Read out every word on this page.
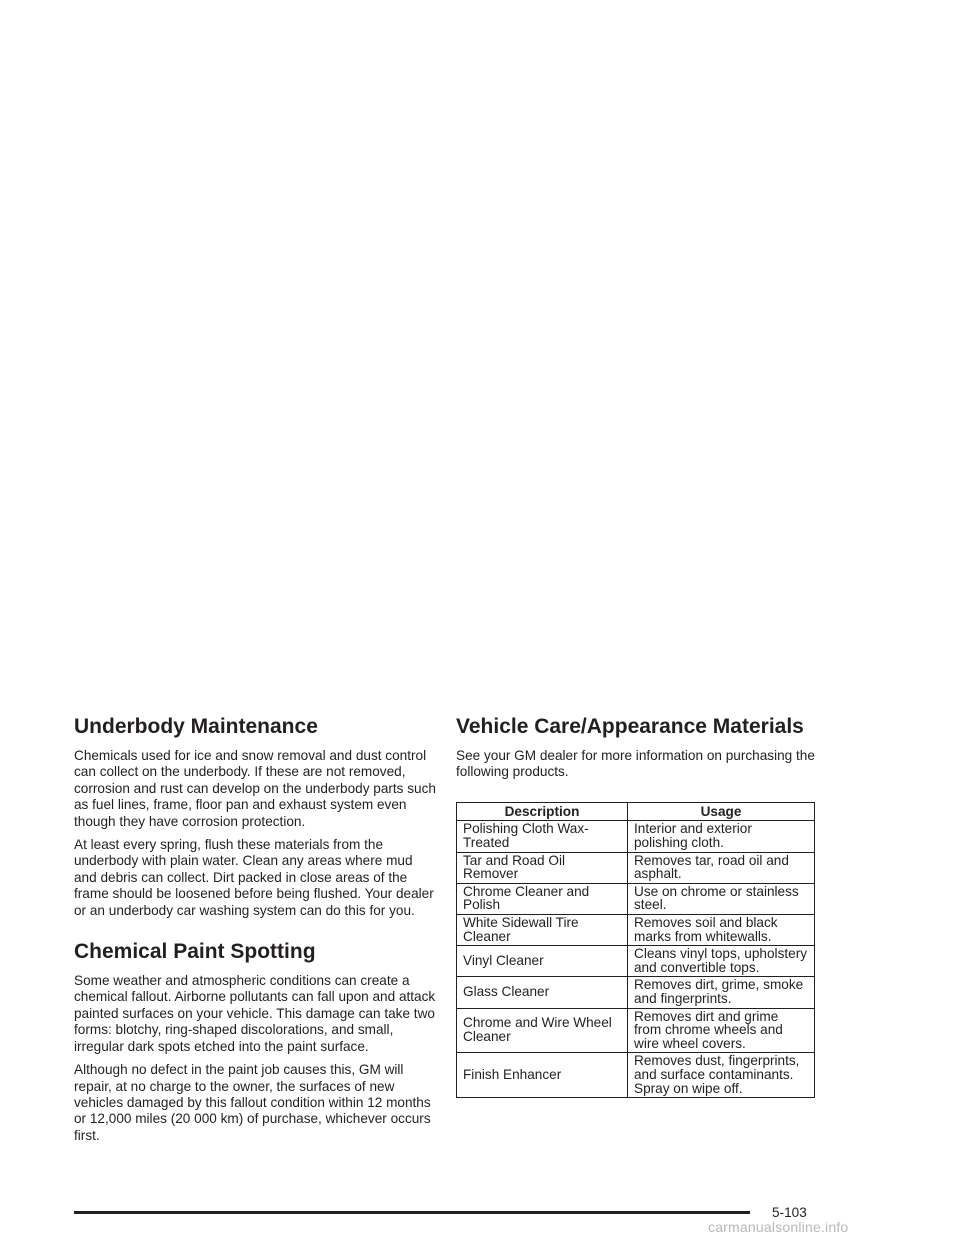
Underbody Maintenance

Chemicals used for ice and snow removal and dust control can collect on the underbody. If these are not removed, corrosion and rust can develop on the underbody parts such as fuel lines, frame, floor pan and exhaust system even though they have corrosion protection.

At least every spring, flush these materials from the underbody with plain water. Clean any areas where mud and debris can collect. Dirt packed in close areas of the frame should be loosened before being flushed. Your dealer or an underbody car washing system can do this for you.

Chemical Paint Spotting

Some weather and atmospheric conditions can create a chemical fallout. Airborne pollutants can fall upon and attack painted surfaces on your vehicle. This damage can take two forms: blotchy, ring-shaped discolorations, and small, irregular dark spots etched into the paint surface.

Although no defect in the paint job causes this, GM will repair, at no charge to the owner, the surfaces of new vehicles damaged by this fallout condition within 12 months or 12,000 miles (20 000 km) of purchase, whichever occurs first.

Vehicle Care/Appearance Materials

See your GM dealer for more information on purchasing the following products.

Description	Usage
Polishing Cloth Wax-Treated	Interior and exterior polishing cloth.
Tar and Road Oil Remover	Removes tar, road oil and asphalt.
Chrome Cleaner and Polish	Use on chrome or stainless steel.
White Sidewall Tire Cleaner	Removes soil and black marks from whitewalls.
Vinyl Cleaner	Cleans vinyl tops, upholstery and convertible tops.
Glass Cleaner	Removes dirt, grime, smoke and fingerprints.
Chrome and Wire Wheel Cleaner	Removes dirt and grime from chrome wheels and wire wheel covers.
Finish Enhancer	Removes dust, fingerprints, and surface contaminants. Spray on wipe off.
5-103
carmanualsonline.info
